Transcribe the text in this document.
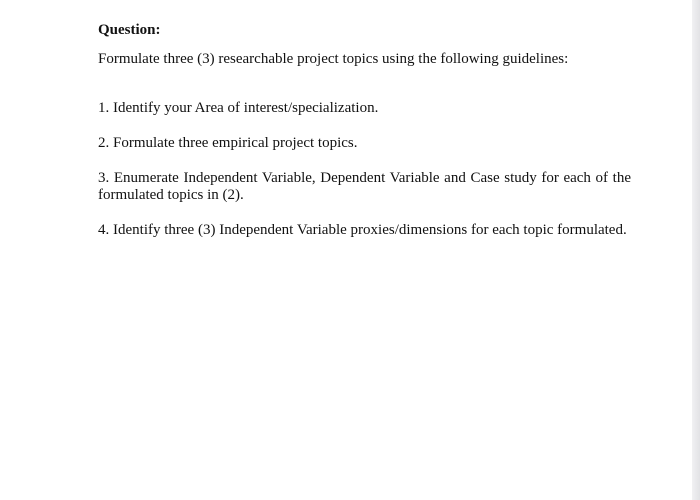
Question:

Formulate three (3) researchable project topics using the following guidelines:

1. Identify your Area of interest/specialization.
2. Formulate three empirical project topics.
3. Enumerate Independent Variable, Dependent Variable and Case study for each of the formulated topics in (2).
4. Identify three (3) Independent Variable proxies/dimensions for each topic formulated.
